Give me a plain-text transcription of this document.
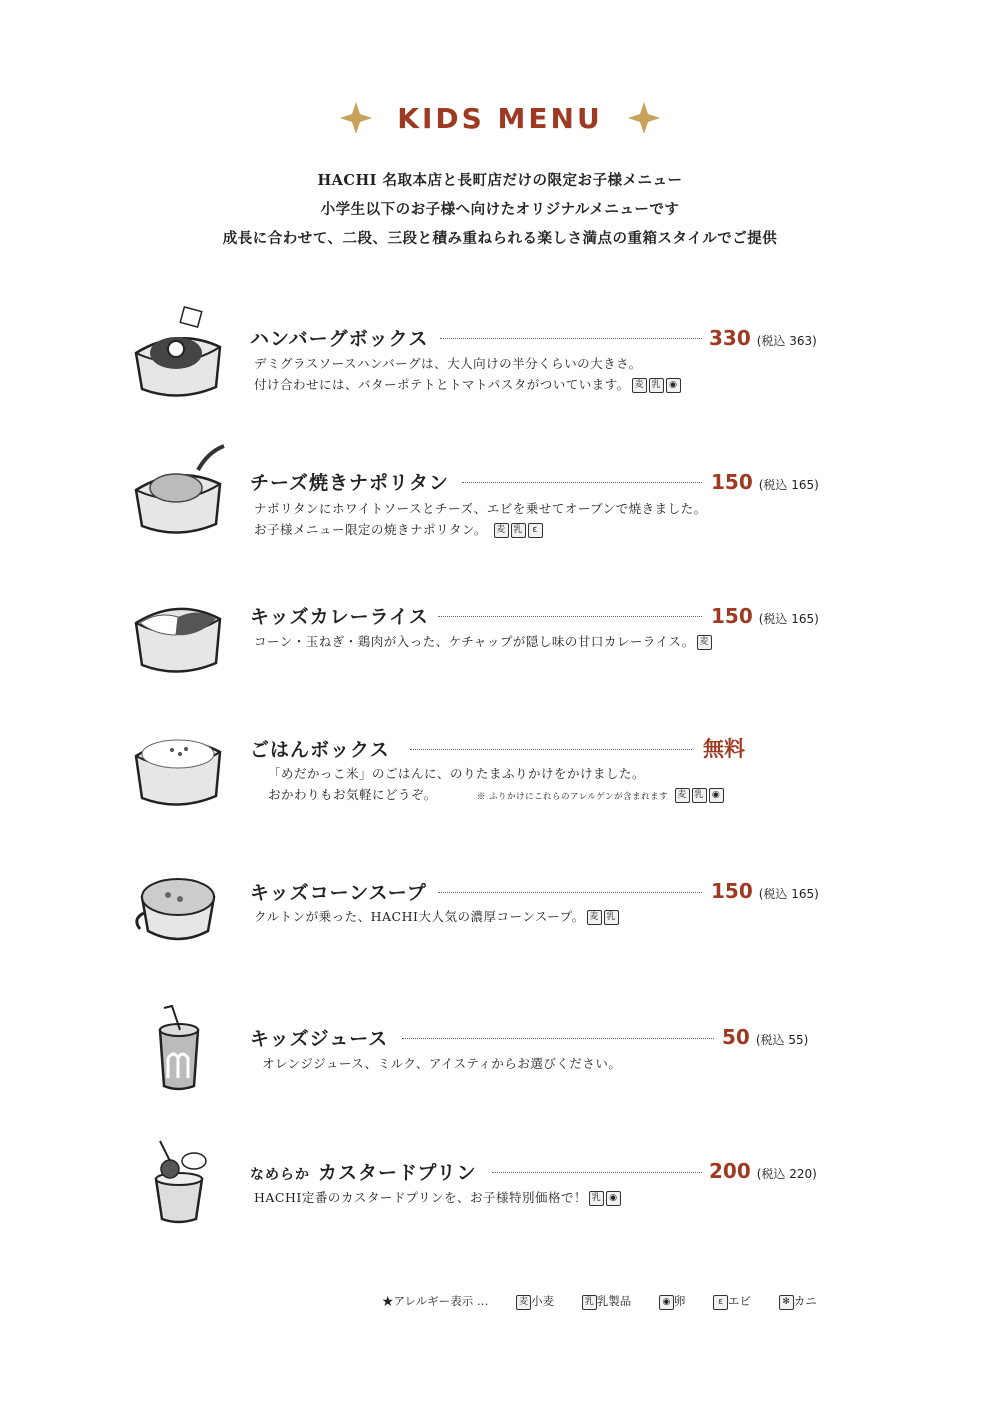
KIDS MENU
HACHI 名取本店と長町店だけの限定お子様メニュー
小学生以下のお子様へ向けたオリジナルメニューです
成長に合わせて、二段、三段と積み重ねられる楽しさ満点の重箱スタイルでご提供
ハンバーグボックス	330 (税込 363)
デミグラスソースハンバーグは、大人向けの半分くらいの大きさ。
付け合わせには、バターポテトとトマトパスタがついています。 麦 乳 ◉
チーズ焼きナポリタン	150 (税込 165)
ナポリタンにホワイトソースとチーズ、エビを乗せてオーブンで焼きました。
お子様メニュー限定の焼きナポリタン。 麦 乳 ε
キッズカレーライス	150 (税込 165)
コーン・玉ねぎ・鶏肉が入った、ケチャップが隠し味の甘口カレーライス。 麦
ごはんボックス	無料
「めだかっこ米」のごはんに、のりたまふりかけをかけました。
おかわりもお気軽にどうぞ。	※ ふりかけにこれらのアレルゲンが含まれます 麦 乳 ◉
キッズコーンスープ	150 (税込 165)
クルトンが乗った、HACHI大人気の濃厚コーンスープ。 麦 乳
キッズジュース	50 (税込 55)
オレンジジュース、ミルク、アイスティからお選びください。
なめらか カスタードプリン	200 (税込 220)
HACHI定番のカスタードプリンを、お子様特別価格で！ 乳 ◉
★アレルギー表示 …	麦 小麦	乳 乳製品	◉ 卵	ε エビ	✻ カニ
